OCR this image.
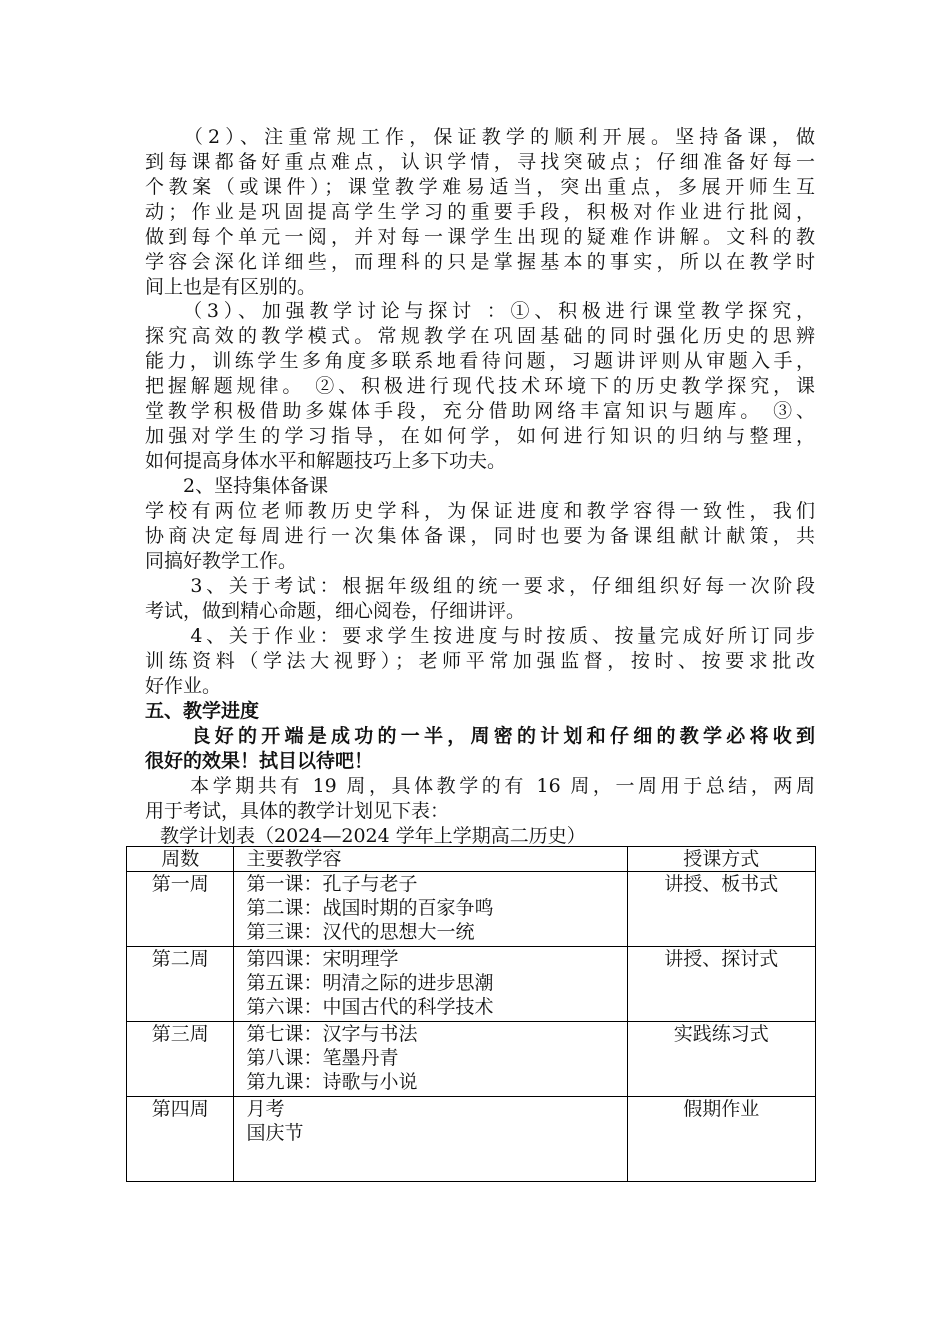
　　（2）、注重常规工作，保证教学的顺利开展。坚持备课，做
到每课都备好重点难点，认识学情，寻找突破点；仔细准备好每一
个教案（或课件）；课堂教学难易适当，突出重点，多展开师生互
动；作业是巩固提高学生学习的重要手段，积极对作业进行批阅，
做到每个单元一阅，并对每一课学生出现的疑难作讲解。文科的教
学容会深化详细些，而理科的只是掌握基本的事实，所以在教学时
间上也是有区别的。
　　（3）、加强教学讨论与探讨 ：①、积极进行课堂教学探究，
探究高效的教学模式。常规教学在巩固基础的同时强化历史的思辨
能力，训练学生多角度多联系地看待问题，习题讲评则从审题入手，
把握解题规律。 ②、积极进行现代技术环境下的历史教学探究，课
堂教学积极借助多媒体手段，充分借助网络丰富知识与题库。 ③、
加强对学生的学习指导，在如何学，如何进行知识的归纳与整理，
如何提高身体水平和解题技巧上多下功夫。
　　2、坚持集体备课
学校有两位老师教历史学科，为保证进度和教学容得一致性，我们
协商决定每周进行一次集体备课，同时也要为备课组献计献策，共
同搞好教学工作。
　　3、关于考试：根据年级组的统一要求，仔细组织好每一次阶段
考试，做到精心命题，细心阅卷，仔细讲评。
　　4、关于作业：要求学生按进度与时按质、按量完成好所订同步
训练资料（学法大视野）；老师平常加强监督，按时、按要求批改
好作业。
五、教学进度
　　良好的开端是成功的一半，周密的计划和仔细的教学必将收到
很好的效果！拭目以待吧！
　　本学期共有 19 周，具体教学的有 16 周，一周用于总结，两周
用于考试，具体的教学计划见下表：
教学计划表（2024—2024 学年上学期高二历史）
周数	主要教学容	授课方式
第一周	第一课：孔子与老子
第二课：战国时期的百家争鸣
第三课：汉代的思想大一统	讲授、板书式
第二周	第四课：宋明理学
第五课：明清之际的进步思潮
第六课：中国古代的科学技术	讲授、探讨式
第三周	第七课：汉字与书法
第八课：笔墨丹青
第九课：诗歌与小说	实践练习式
第四周	月考
国庆节	假期作业
